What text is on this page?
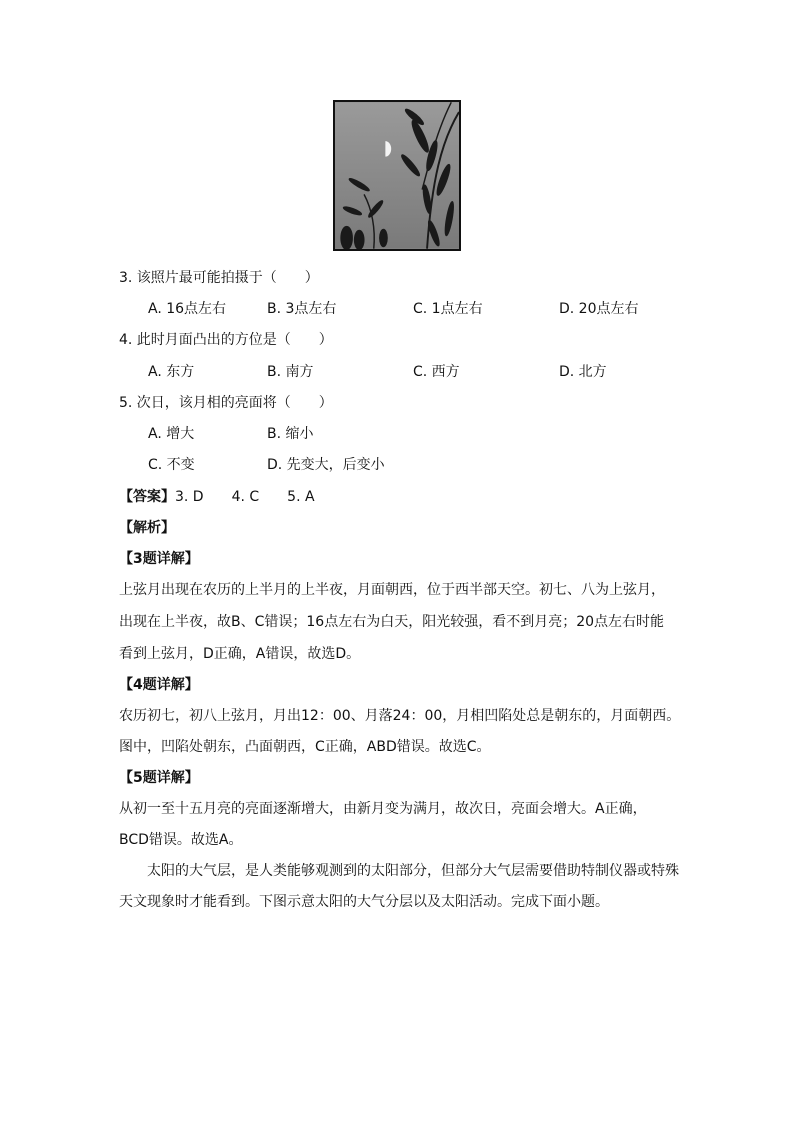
3. 该照片最可能拍摄于（　　）
A. 16点左右	B. 3点左右	C. 1点左右	D. 20点左右
4. 此时月面凸出的方位是（　　）
A. 东方	B. 南方	C. 西方	D. 北方
5. 次日，该月相的亮面将（　　）
A. 增大	B. 缩小
C. 不变	D. 先变大，后变小
【答案】3. D　　4. C　　5. A
【解析】
【3题详解】
上弦月出现在农历的上半月的上半夜，月面朝西，位于西半部天空。初七、八为上弦月，
出现在上半夜，故B、C错误；16点左右为白天，阳光较强，看不到月亮；20点左右时能
看到上弦月，D正确，A错误，故选D。
【4题详解】
农历初七，初八上弦月，月出12：00、月落24：00，月相凹陷处总是朝东的，月面朝西。
图中，凹陷处朝东，凸面朝西，C正确，ABD错误。故选C。
【5题详解】
从初一至十五月亮的亮面逐渐增大，由新月变为满月，故次日，亮面会增大。A正确，
BCD错误。故选A。
　　太阳的大气层，是人类能够观测到的太阳部分，但部分大气层需要借助特制仪器或特殊
天文现象时才能看到。下图示意太阳的大气分层以及太阳活动。完成下面小题。
